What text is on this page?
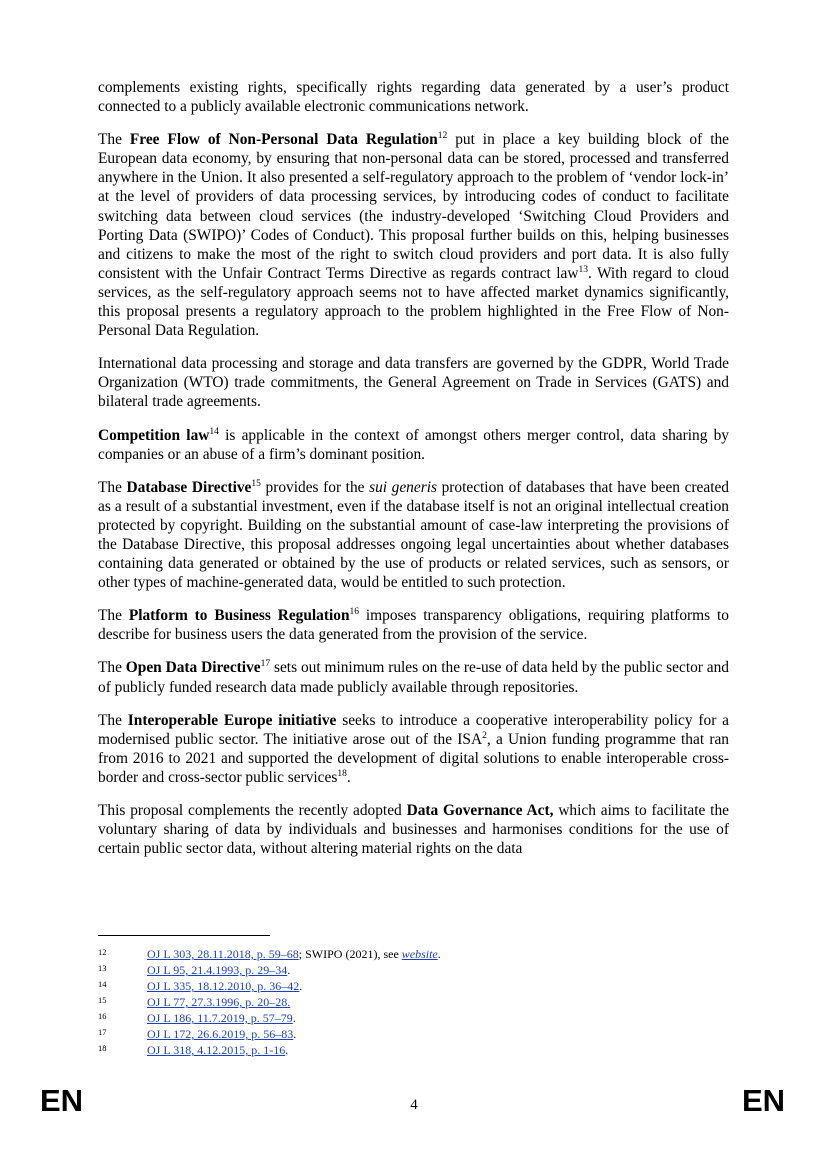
complements existing rights, specifically rights regarding data generated by a user’s product connected to a publicly available electronic communications network.

The Free Flow of Non-Personal Data Regulation$^{12}$ put in place a key building block of the European data economy, by ensuring that non-personal data can be stored, processed and transferred anywhere in the Union. It also presented a self-regulatory approach to the problem of ‘vendor lock-in’ at the level of providers of data processing services, by introducing codes of conduct to facilitate switching data between cloud services (the industry-developed ‘Switching Cloud Providers and Porting Data (SWIPO)’ Codes of Conduct). This proposal further builds on this, helping businesses and citizens to make the most of the right to switch cloud providers and port data. It is also fully consistent with the Unfair Contract Terms Directive as regards contract law$^{13}$. With regard to cloud services, as the self-regulatory approach seems not to have affected market dynamics significantly, this proposal presents a regulatory approach to the problem highlighted in the Free Flow of Non-Personal Data Regulation.

International data processing and storage and data transfers are governed by the GDPR, World Trade Organization (WTO) trade commitments, the General Agreement on Trade in Services (GATS) and bilateral trade agreements.

Competition law$^{14}$ is applicable in the context of amongst others merger control, data sharing by companies or an abuse of a firm’s dominant position.

The Database Directive$^{15}$ provides for the sui generis protection of databases that have been created as a result of a substantial investment, even if the database itself is not an original intellectual creation protected by copyright. Building on the substantial amount of case-law interpreting the provisions of the Database Directive, this proposal addresses ongoing legal uncertainties about whether databases containing data generated or obtained by the use of products or related services, such as sensors, or other types of machine-generated data, would be entitled to such protection.

The Platform to Business Regulation$^{16}$ imposes transparency obligations, requiring platforms to describe for business users the data generated from the provision of the service.

The Open Data Directive$^{17}$ sets out minimum rules on the re-use of data held by the public sector and of publicly funded research data made publicly available through repositories.

The Interoperable Europe initiative seeks to introduce a cooperative interoperability policy for a modernised public sector. The initiative arose out of the ISA$^2$, a Union funding programme that ran from 2016 to 2021 and supported the development of digital solutions to enable interoperable cross-border and cross-sector public services$^{18}$.

This proposal complements the recently adopted Data Governance Act, which aims to facilitate the voluntary sharing of data by individuals and businesses and harmonises conditions for the use of certain public sector data, without altering material rights on the data

12	OJ L 303, 28.11.2018, p. 59–68; SWIPO (2021), see website.
13	OJ L 95, 21.4.1993, p. 29–34.
14	OJ L 335, 18.12.2010, p. 36–42.
15	OJ L 77, 27.3.1996, p. 20–28.
16	OJ L 186, 11.7.2019, p. 57–79.
17	OJ L 172, 26.6.2019, p. 56–83.
18	OJ L 318, 4.12.2015, p. 1-16.
EN	4	EN
